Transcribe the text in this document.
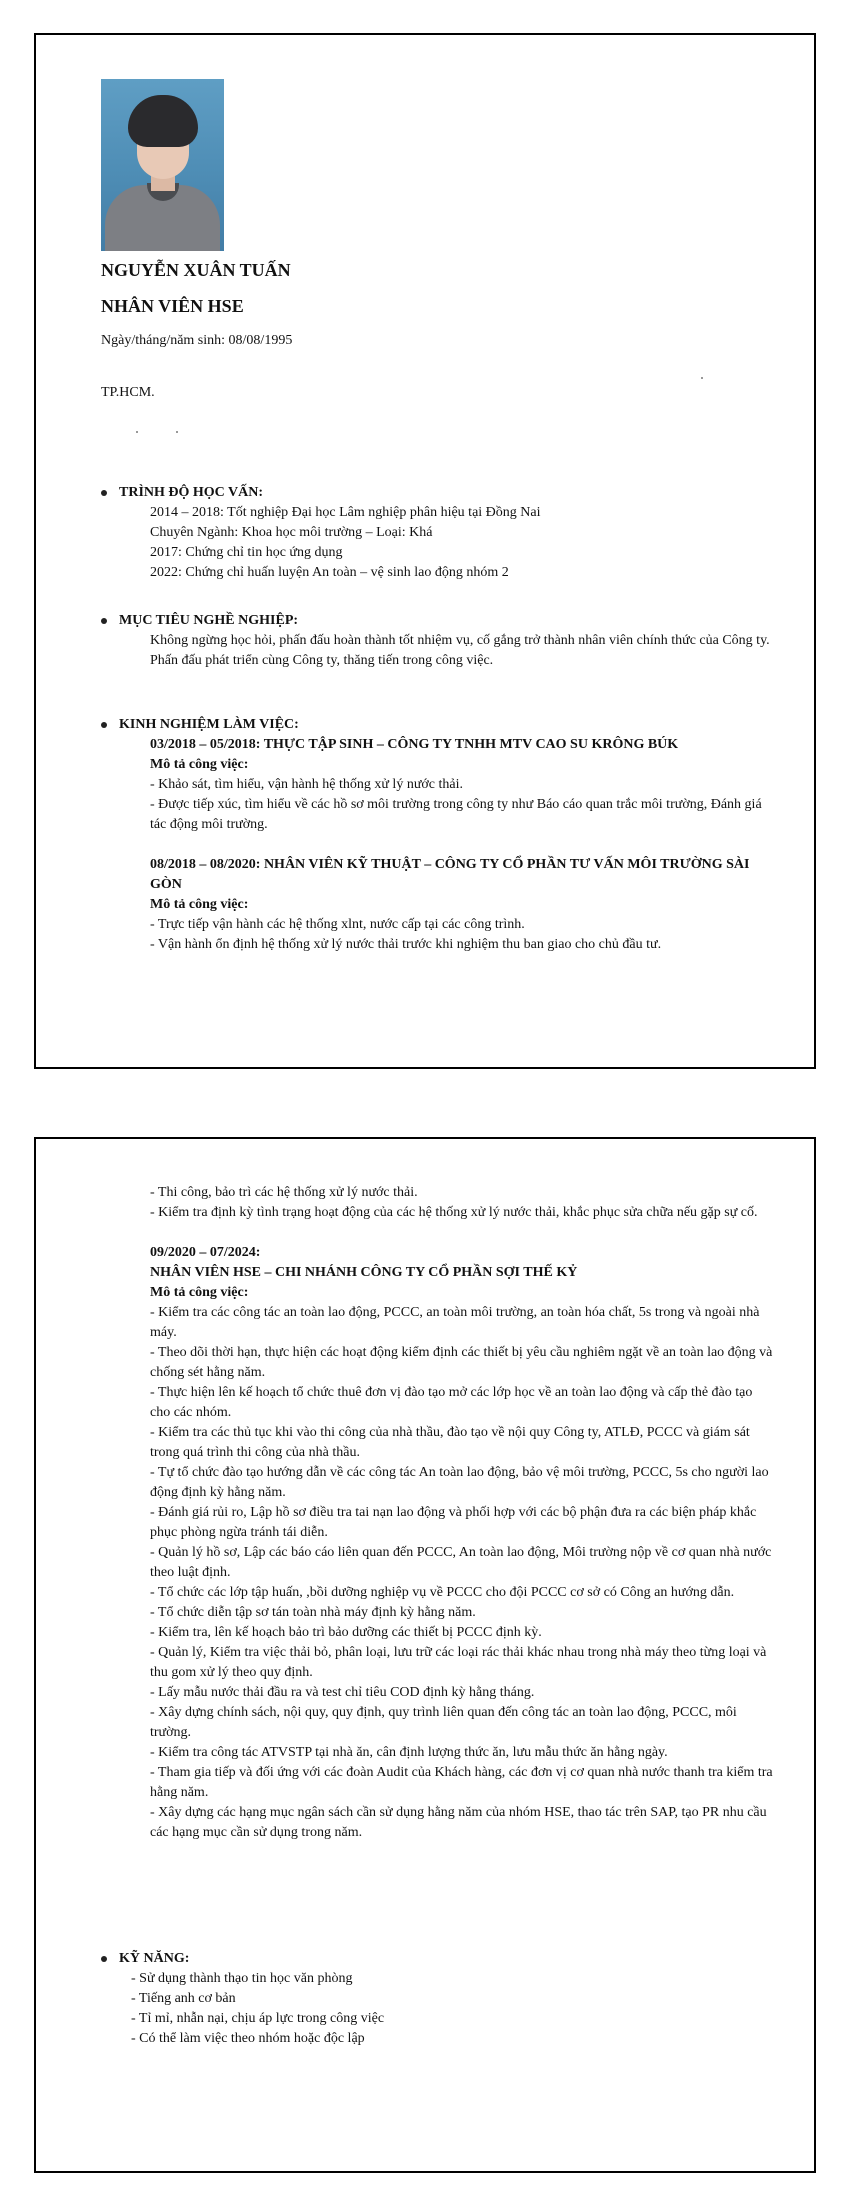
NGUYỄN XUÂN TUẤN
NHÂN VIÊN HSE
Ngày/tháng/năm sinh: 08/08/1995
TP.HCM.
TRÌNH ĐỘ HỌC VẤN:

2014 – 2018: Tốt nghiệp Đại học Lâm nghiệp phân hiệu tại Đồng Nai

Chuyên Ngành: Khoa học môi trường – Loại: Khá

2017: Chứng chỉ tin học ứng dụng

2022: Chứng chỉ huấn luyện An toàn – vệ sinh lao động nhóm 2

MỤC TIÊU NGHỀ NGHIỆP:

Không ngừng học hỏi, phấn đấu hoàn thành tốt nhiệm vụ, cố gắng trở thành nhân viên chính thức của Công ty.

Phấn đấu phát triển cùng Công ty, thăng tiến trong công việc.

KINH NGHIỆM LÀM VIỆC:

03/2018 – 05/2018: THỰC TẬP SINH – CÔNG TY TNHH MTV CAO SU KRÔNG BÚK

Mô tả công việc:

- Khảo sát, tìm hiểu, vận hành hệ thống xử lý nước thải.

- Được tiếp xúc, tìm hiểu về các hồ sơ môi trường trong công ty như Báo cáo quan trắc môi trường, Đánh giá tác động môi trường.

08/2018 – 08/2020: NHÂN VIÊN KỸ THUẬT – CÔNG TY CỔ PHẦN TƯ VẤN MÔI TRƯỜNG SÀI GÒN

Mô tả công việc:

- Trực tiếp vận hành các hệ thống xlnt, nước cấp tại các công trình.

- Vận hành ổn định hệ thống xử lý nước thải trước khi nghiệm thu ban giao cho chủ đầu tư.

- Thi công, bảo trì các hệ thống xử lý nước thải.

- Kiểm tra định kỳ tình trạng hoạt động của các hệ thống xử lý nước thải, khắc phục sửa chữa nếu gặp sự cố.

09/2020 – 07/2024:

NHÂN VIÊN HSE – CHI NHÁNH CÔNG TY CỔ PHẦN SỢI THẾ KỶ

Mô tả công việc:

- Kiểm tra các công tác an toàn lao động, PCCC, an toàn môi trường, an toàn hóa chất, 5s trong và ngoài nhà máy.

- Theo dõi thời hạn, thực hiện các hoạt động kiểm định các thiết bị yêu cầu nghiêm ngặt về an toàn lao động và chống sét hằng năm.

- Thực hiện lên kế hoạch tổ chức thuê đơn vị đào tạo mở các lớp học về an toàn lao động và cấp thẻ đào tạo cho các nhóm.

- Kiểm tra các thủ tục khi vào thi công của nhà thầu, đào tạo về nội quy Công ty, ATLĐ, PCCC và giám sát trong quá trình thi công của nhà thầu.

- Tự tổ chức đào tạo hướng dẫn về các công tác An toàn lao động, bảo vệ môi trường, PCCC, 5s cho người lao động định kỳ hằng năm.

- Đánh giá rủi ro, Lập hồ sơ điều tra tai nạn lao động và phối hợp với các bộ phận đưa ra các biện pháp khắc phục phòng ngừa tránh tái diễn.

- Quản lý hồ sơ, Lập các báo cáo liên quan đến PCCC, An toàn lao động, Môi trường nộp về cơ quan nhà nước theo luật định.

- Tổ chức các lớp tập huấn, ,bồi dưỡng nghiệp vụ về PCCC cho đội PCCC cơ sở có Công an hướng dẫn.

- Tổ chức diễn tập sơ tán toàn nhà máy định kỳ hằng năm.

- Kiểm tra, lên kế hoạch bảo trì bảo dưỡng các thiết bị PCCC định kỳ.

- Quản lý, Kiểm tra việc thải bỏ, phân loại, lưu trữ các loại rác thải khác nhau trong nhà máy theo từng loại và thu gom xử lý theo quy định.

- Lấy mẫu nước thải đầu ra và test chỉ tiêu COD định kỳ hằng tháng.

- Xây dựng chính sách, nội quy, quy định, quy trình liên quan đến công tác an toàn lao động, PCCC, môi trường.

- Kiểm tra công tác ATVSTP tại nhà ăn, cân định lượng thức ăn, lưu mẫu thức ăn hằng ngày.

- Tham gia tiếp và đối ứng với các đoàn Audit của Khách hàng, các đơn vị cơ quan nhà nước thanh tra kiểm tra hằng năm.

- Xây dựng các hạng mục ngân sách cần sử dụng hằng năm của nhóm HSE, thao tác trên SAP, tạo PR nhu cầu các hạng mục cần sử dụng trong năm.

KỸ NĂNG:

- Sử dụng thành thạo tin học văn phòng

- Tiếng anh cơ bản

- Tỉ mỉ, nhẫn nại, chịu áp lực trong công việc

- Có thể làm việc theo nhóm hoặc độc lập
